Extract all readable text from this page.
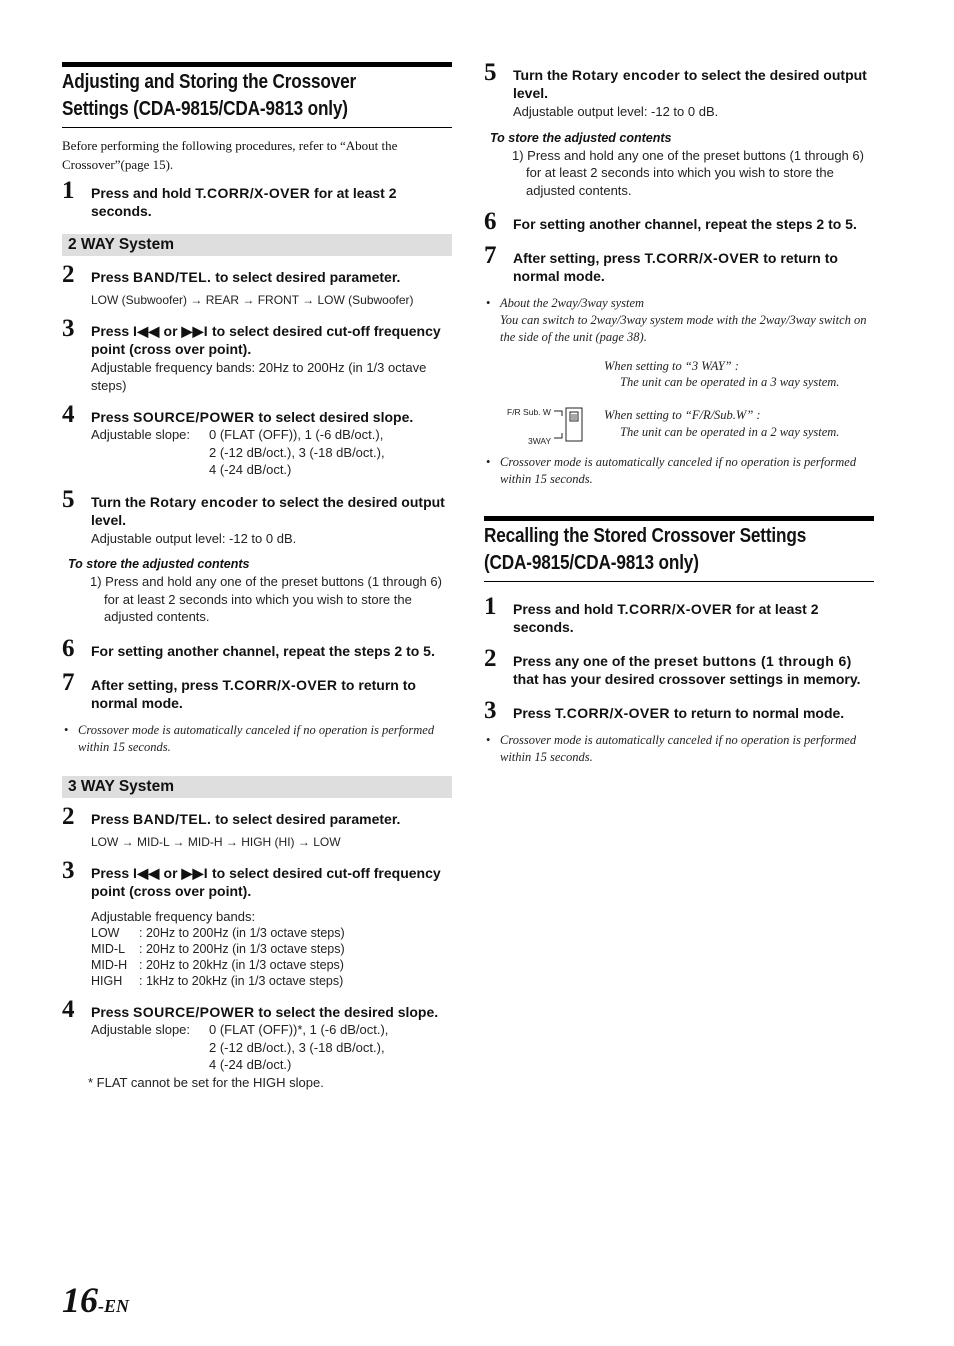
Adjusting and Storing the Crossover
Settings (CDA-9815/CDA-9813 only)
Before performing the following procedures, refer to “About the Crossover”(page 15).
1 Press and hold T.CORR/X-OVER for at least 2 seconds.
2 WAY System
2 Press BAND/TEL. to select desired parameter.
LOW (Subwoofer) → REAR → FRONT → LOW (Subwoofer)
3 Press I◀◀ or ▶▶I to select desired cut-off frequency point (cross over point).
Adjustable frequency bands: 20Hz to 200Hz (in 1/3 octave steps)
4 Press SOURCE/POWER to select desired slope.
Adjustable slope:	0 (FLAT (OFF)), 1 (-6 dB/oct.),
2 (-12 dB/oct.), 3 (-18 dB/oct.),
4 (-24 dB/oct.)
5 Turn the Rotary encoder to select the desired output level.
Adjustable output level: -12 to 0 dB.
To store the adjusted contents
1) Press and hold any one of the preset buttons (1 through 6) for at least 2 seconds into which you wish to store the adjusted contents.
6 For setting another channel, repeat the steps 2 to 5.
7 After setting, press T.CORR/X-OVER to return to normal mode.
• Crossover mode is automatically canceled if no operation is performed within 15 seconds.
3 WAY System
2 Press BAND/TEL. to select desired parameter.
LOW → MID-L → MID-H → HIGH (HI) → LOW
3 Press I◀◀ or ▶▶I to select desired cut-off frequency point (cross over point).
Adjustable frequency bands:
LOW	: 20Hz to 200Hz (in 1/3 octave steps)
MID-L	: 20Hz to 200Hz (in 1/3 octave steps)
MID-H : 20Hz to 20kHz (in 1/3 octave steps)
HIGH	: 1kHz to 20kHz (in 1/3 octave steps)
4 Press SOURCE/POWER to select the desired slope.
Adjustable slope:	0 (FLAT (OFF))*, 1 (-6 dB/oct.),
2 (-12 dB/oct.), 3 (-18 dB/oct.),
4 (-24 dB/oct.)
* FLAT cannot be set for the HIGH slope.
5 Turn the Rotary encoder to select the desired output level.
Adjustable output level: -12 to 0 dB.
To store the adjusted contents
1) Press and hold any one of the preset buttons (1 through 6) for at least 2 seconds into which you wish to store the adjusted contents.
6 For setting another channel, repeat the steps 2 to 5.
7 After setting, press T.CORR/X-OVER to return to normal mode.
• About the 2way/3way system
You can switch to 2way/3way system mode with the 2way/3way switch on the side of the unit (page 38).
When setting to “3 WAY” :
The unit can be operated in a 3 way system.
When setting to “F/R/Sub.W” :
The unit can be operated in a 2 way system.
F/R Sub. W
3WAY
• Crossover mode is automatically canceled if no operation is performed within 15 seconds.
Recalling the Stored Crossover Settings
(CDA-9815/CDA-9813 only)
1 Press and hold T.CORR/X-OVER for at least 2 seconds.
2 Press any one of the preset buttons (1 through 6) that has your desired crossover settings in memory.
3 Press T.CORR/X-OVER to return to normal mode.
• Crossover mode is automatically canceled if no operation is performed within 15 seconds.
16-EN
